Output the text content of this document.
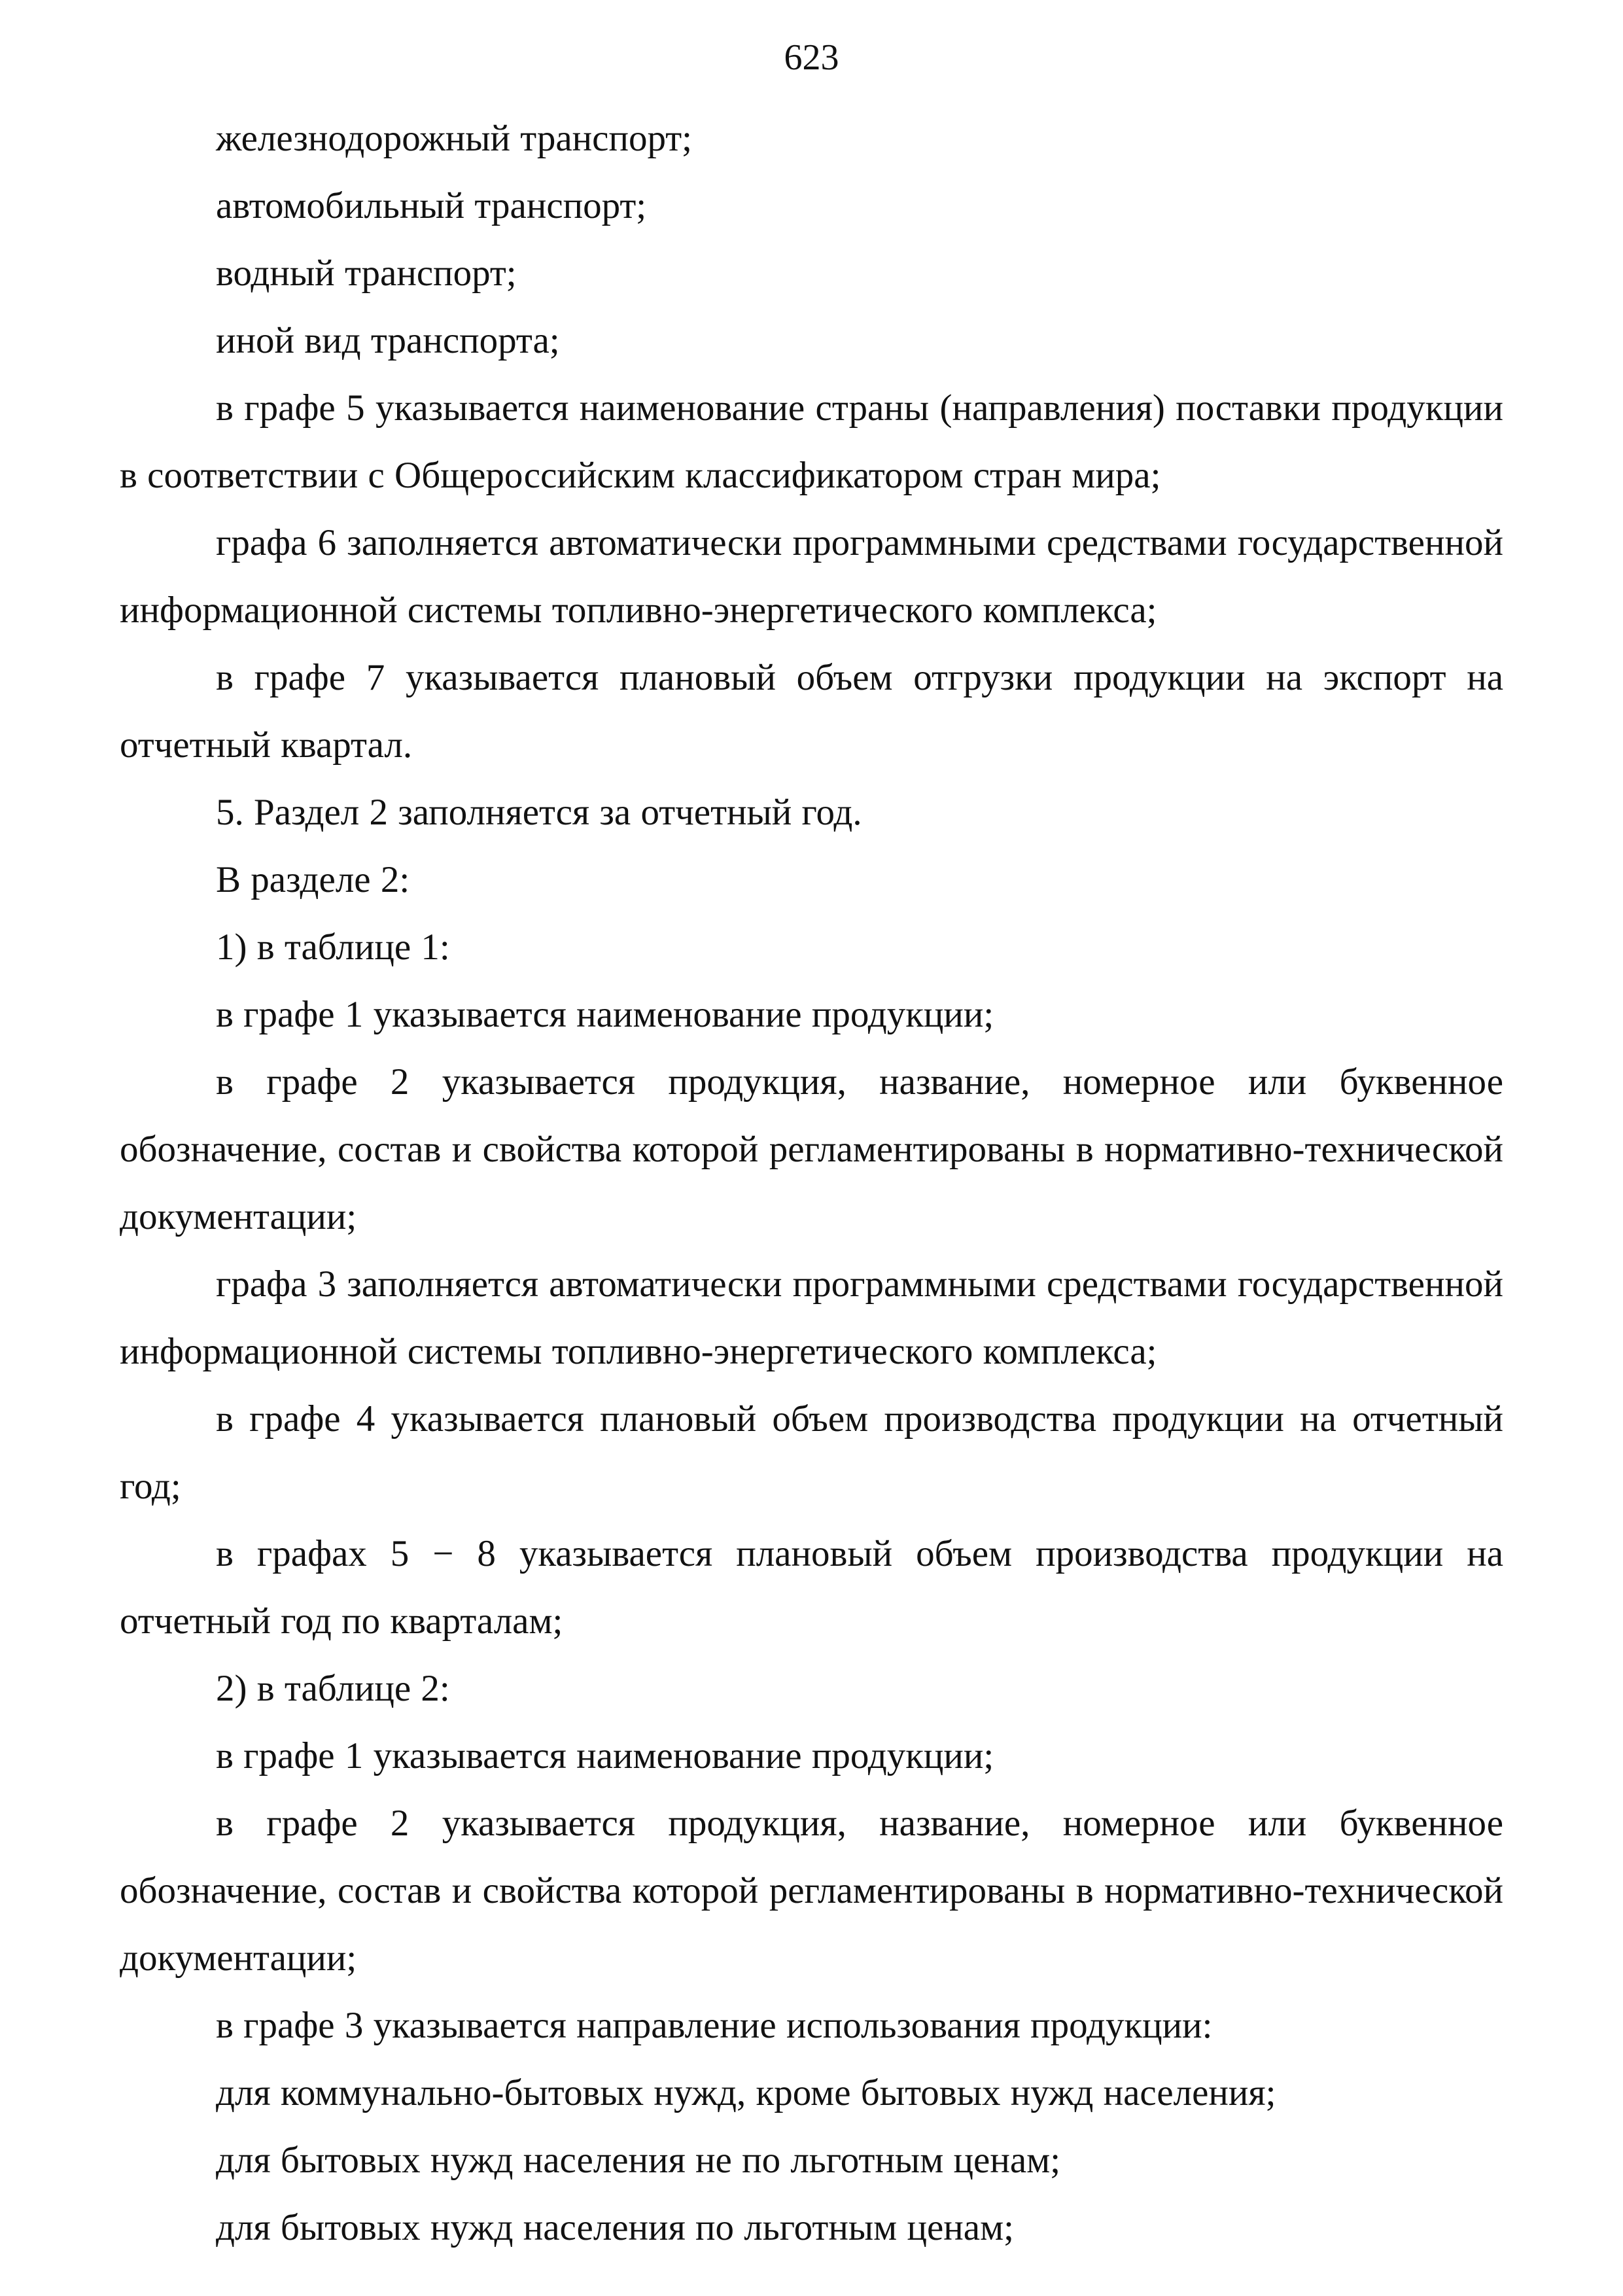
623

железнодорожный транспорт;

автомобильный транспорт;

водный транспорт;

иной вид транспорта;

в графе 5 указывается наименование страны (направления) поставки продукции в соответствии с Общероссийским классификатором стран мира;

графа 6 заполняется автоматически программными средствами государственной информационной системы топливно-энергетического комплекса;

в графе 7 указывается плановый объем отгрузки продукции на экспорт на отчетный квартал.

5. Раздел 2 заполняется за отчетный год.

В разделе 2:

1) в таблице 1:

в графе 1 указывается наименование продукции;

в графе 2 указывается продукция, название, номерное или буквенное обозначение, состав и свойства которой регламентированы в нормативно-технической документации;

графа 3 заполняется автоматически программными средствами государственной информационной системы топливно-энергетического комплекса;

в графе 4 указывается плановый объем производства продукции на отчетный год;

в графах 5 − 8 указывается плановый объем производства продукции на отчетный год по кварталам;

2) в таблице 2:

в графе 1 указывается наименование продукции;

в графе 2 указывается продукция, название, номерное или буквенное обозначение, состав и свойства которой регламентированы в нормативно-технической документации;

в графе 3 указывается направление использования продукции:

для коммунально-бытовых нужд, кроме бытовых нужд населения;

для бытовых нужд населения не по льготным ценам;

для бытовых нужд населения по льготным ценам;
